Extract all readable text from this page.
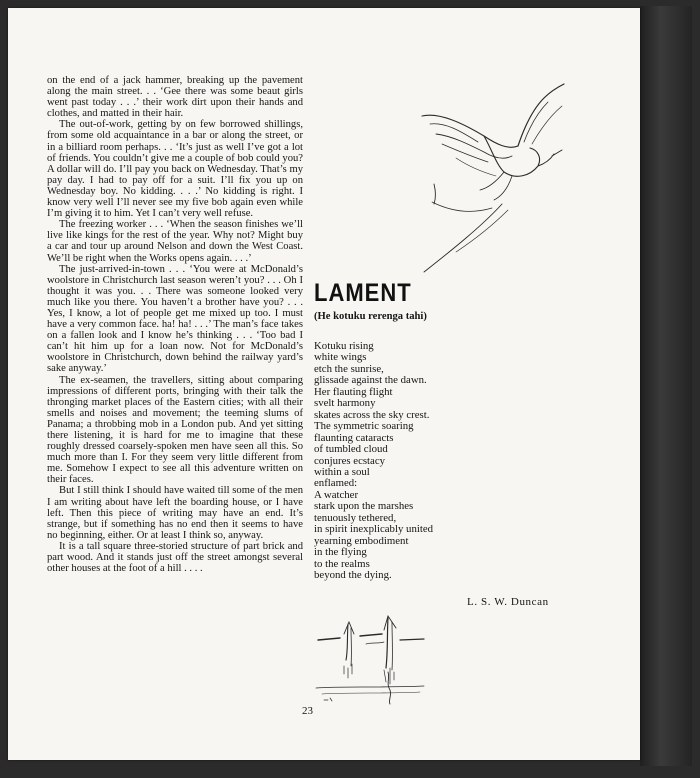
on the end of a jack hammer, breaking up the pavement along the main street. . . ‘Gee there was some beaut girls went past today . . .’ their work dirt upon their hands and clothes, and matted in their hair.

The out-of-work, getting by on few borrowed shillings, from some old acquaintance in a bar or along the street, or in a billiard room perhaps. . . ‘It’s just as well I’ve got a lot of friends. You couldn’t give me a couple of bob could you? A dollar will do. I’ll pay you back on Wednesday. That’s my pay day. I had to pay off for a suit. I’ll fix you up on Wednesday boy. No kidding. . . .’ No kidding is right. I know very well I’ll never see my five bob again even while I’m giving it to him. Yet I can’t very well refuse.

The freezing worker . . . ‘When the season finishes we’ll live like kings for the rest of the year. Why not? Might buy a car and tour up around Nelson and down the West Coast. We’ll be right when the Works opens again. . . .’

The just-arrived-in-town . . . ‘You were at McDonald’s woolstore in Christchurch last season weren’t you? . . . Oh I thought it was you. . . There was someone looked very much like you there. You haven’t a brother have you? . . . Yes, I know, a lot of people get me mixed up too. I must have a very common face. ha! ha! . . .’ The man’s face takes on a fallen look and I know he’s thinking . . . ‘Too bad I can’t hit him up for a loan now. Not for McDonald’s woolstore in Christchurch, down behind the railway yard’s sake anyway.’

The ex-seamen, the travellers, sitting about comparing impressions of different ports, bringing with their talk the thronging market places of the Eastern cities; with all their smells and noises and movement; the teeming slums of Panama; a throbbing mob in a London pub. And yet sitting there listening, it is hard for me to imagine that these roughly dressed coarsely-spoken men have seen all this. So much more than I. For they seem very little different from me. Somehow I expect to see all this adventure written on their faces.

But I still think I should have waited till some of the men I am writing about have left the boarding house, or I have left. Then this piece of writing may have an end. It’s strange, but if something has no end then it seems to have no beginning, either. Or at least I think so, anyway.

It is a tall square three-storied structure of part brick and part wood. And it stands just off the street amongst several other houses at the foot of a hill . . . .

LAMENT
(He kotuku rerenga tahi)
Kotuku rising
white wings
etch the sunrise,
glissade against the dawn.
Her flauting flight
svelt harmony
skates across the sky crest.
The symmetric soaring
flaunting cataracts
of tumbled cloud
conjures ecstacy
within a soul
enflamed:
A watcher
stark upon the marshes
tenuously tethered,
in spirit inexplicably united
yearning embodiment
in the flying
to the realms
beyond the dying.
L. S. W. Duncan
23
